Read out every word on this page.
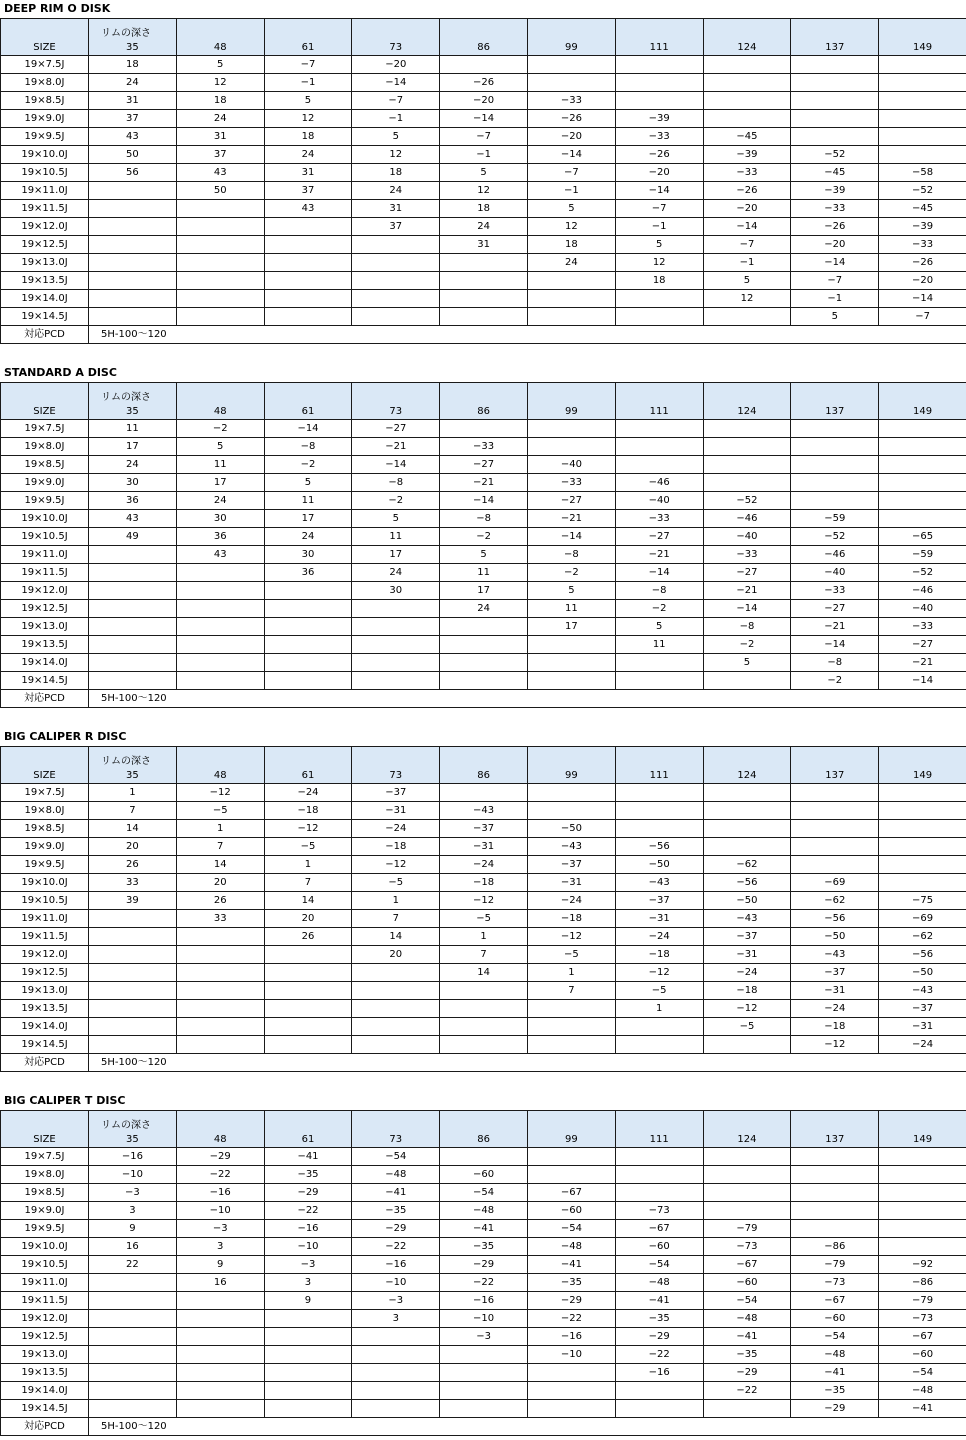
DEEP RIM O DISK
SIZE	リムの深さ
35	48	61	73	86	99	111	124	137	149
19×7.5J	18	5	−7	−20						
19×8.0J	24	12	−1	−14	−26					
19×8.5J	31	18	5	−7	−20	−33				
19×9.0J	37	24	12	−1	−14	−26	−39			
19×9.5J	43	31	18	5	−7	−20	−33	−45		
19×10.0J	50	37	24	12	−1	−14	−26	−39	−52	
19×10.5J	56	43	31	18	5	−7	−20	−33	−45	−58
19×11.0J		50	37	24	12	−1	−14	−26	−39	−52
19×11.5J			43	31	18	5	−7	−20	−33	−45
19×12.0J				37	24	12	−1	−14	−26	−39
19×12.5J					31	18	5	−7	−20	−33
19×13.0J						24	12	−1	−14	−26
19×13.5J							18	5	−7	−20
19×14.0J								12	−1	−14
19×14.5J									5	−7
対応PCD	5H-100〜120									
STANDARD A DISC
SIZE	リムの深さ
35	48	61	73	86	99	111	124	137	149
19×7.5J	11	−2	−14	−27						
19×8.0J	17	5	−8	−21	−33					
19×8.5J	24	11	−2	−14	−27	−40				
19×9.0J	30	17	5	−8	−21	−33	−46			
19×9.5J	36	24	11	−2	−14	−27	−40	−52		
19×10.0J	43	30	17	5	−8	−21	−33	−46	−59	
19×10.5J	49	36	24	11	−2	−14	−27	−40	−52	−65
19×11.0J		43	30	17	5	−8	−21	−33	−46	−59
19×11.5J			36	24	11	−2	−14	−27	−40	−52
19×12.0J				30	17	5	−8	−21	−33	−46
19×12.5J					24	11	−2	−14	−27	−40
19×13.0J						17	5	−8	−21	−33
19×13.5J							11	−2	−14	−27
19×14.0J								5	−8	−21
19×14.5J									−2	−14
対応PCD	5H-100〜120									
BIG CALIPER R DISC
SIZE	リムの深さ
35	48	61	73	86	99	111	124	137	149
19×7.5J	1	−12	−24	−37						
19×8.0J	7	−5	−18	−31	−43					
19×8.5J	14	1	−12	−24	−37	−50				
19×9.0J	20	7	−5	−18	−31	−43	−56			
19×9.5J	26	14	1	−12	−24	−37	−50	−62		
19×10.0J	33	20	7	−5	−18	−31	−43	−56	−69	
19×10.5J	39	26	14	1	−12	−24	−37	−50	−62	−75
19×11.0J		33	20	7	−5	−18	−31	−43	−56	−69
19×11.5J			26	14	1	−12	−24	−37	−50	−62
19×12.0J				20	7	−5	−18	−31	−43	−56
19×12.5J					14	1	−12	−24	−37	−50
19×13.0J						7	−5	−18	−31	−43
19×13.5J							1	−12	−24	−37
19×14.0J								−5	−18	−31
19×14.5J									−12	−24
対応PCD	5H-100〜120									
BIG CALIPER T DISC
SIZE	リムの深さ
35	48	61	73	86	99	111	124	137	149
19×7.5J	−16	−29	−41	−54						
19×8.0J	−10	−22	−35	−48	−60					
19×8.5J	−3	−16	−29	−41	−54	−67				
19×9.0J	3	−10	−22	−35	−48	−60	−73			
19×9.5J	9	−3	−16	−29	−41	−54	−67	−79		
19×10.0J	16	3	−10	−22	−35	−48	−60	−73	−86	
19×10.5J	22	9	−3	−16	−29	−41	−54	−67	−79	−92
19×11.0J		16	3	−10	−22	−35	−48	−60	−73	−86
19×11.5J			9	−3	−16	−29	−41	−54	−67	−79
19×12.0J				3	−10	−22	−35	−48	−60	−73
19×12.5J					−3	−16	−29	−41	−54	−67
19×13.0J						−10	−22	−35	−48	−60
19×13.5J							−16	−29	−41	−54
19×14.0J								−22	−35	−48
19×14.5J									−29	−41
対応PCD	5H-100〜120									
